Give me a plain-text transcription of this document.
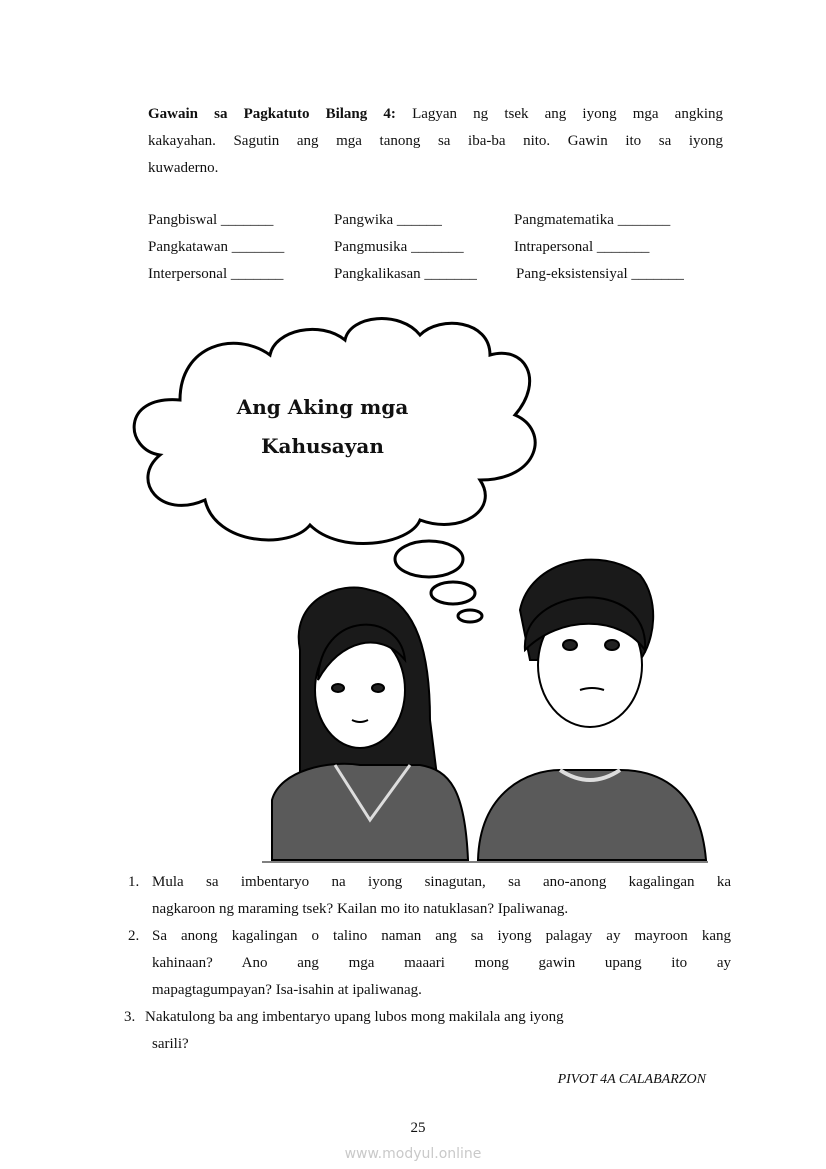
Gawain sa Pagkatuto Bilang 4: Lagyan ng tsek ang iyong mga angking
kakayahan. Sagutin ang mga tanong sa iba-ba nito. Gawin ito sa iyong
kuwaderno.
Pangbiswal _______	Pangwika ______	Pangmatematika _______
Pangkatawan _______	Pangmusika _______	Intrapersonal _______
Interpersonal _______	Pangkalikasan _______	Pang-eksistensiyal _______
Ang Aking mga
Kahusayan
1. Mula sa imbentaryo na iyong sinagutan, sa ano-anong kagalingan ka
nagkaroon ng maraming tsek? Kailan mo ito natuklasan? Ipaliwanag.
2. Sa anong kagalingan o talino naman ang sa iyong palagay ay mayroon kang
kahinaan? Ano ang mga maaari mong gawin upang ito ay
mapagtagumpayan? Isa-isahin at ipaliwanag.
3. Nakatulong ba ang imbentaryo upang lubos mong makilala ang iyong
sarili?
PIVOT 4A CALABARZON
25
www.modyul.online
